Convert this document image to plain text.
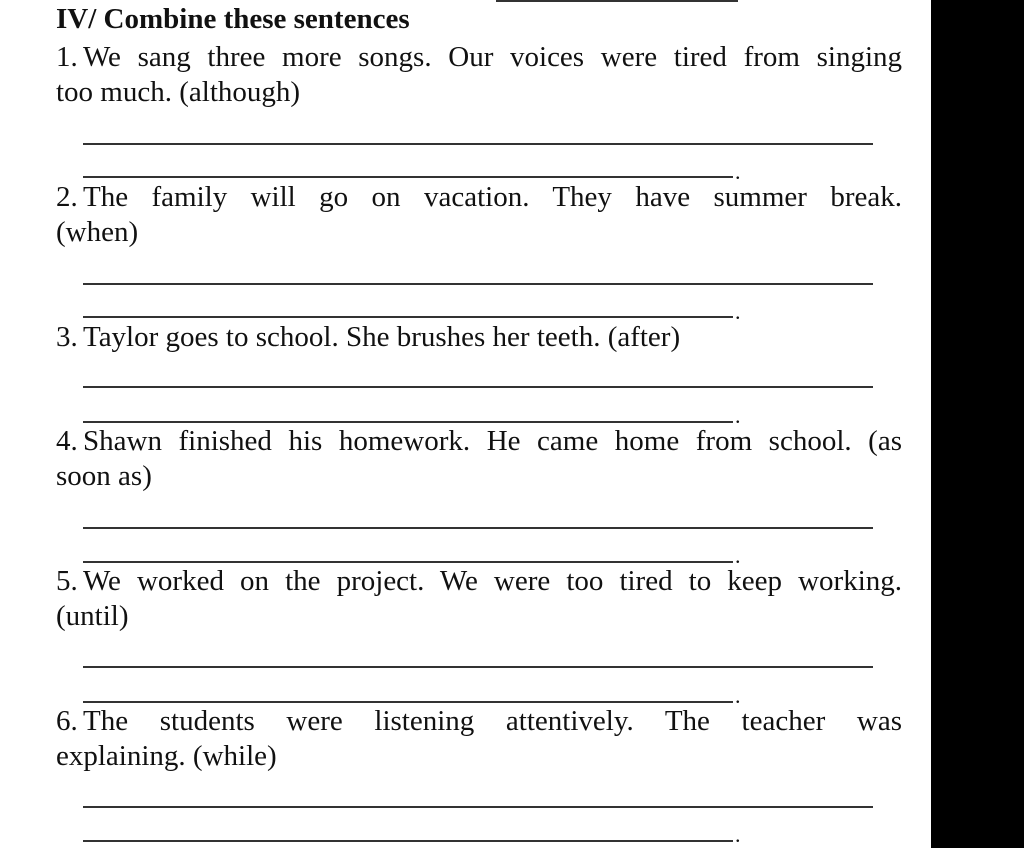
IV/ Combine these sentences
1. We sang three more songs. Our voices were tired from singing
too much. (although)
.
2. The family will go on vacation. They have summer break.
(when)
.
3. Taylor goes to school. She brushes her teeth. (after)
.
4. Shawn finished his homework. He came home from school. (as
soon as)
.
5. We worked on the project. We were too tired to keep working.
(until)
.
6. The students were listening attentively. The teacher was
explaining. (while)
.
